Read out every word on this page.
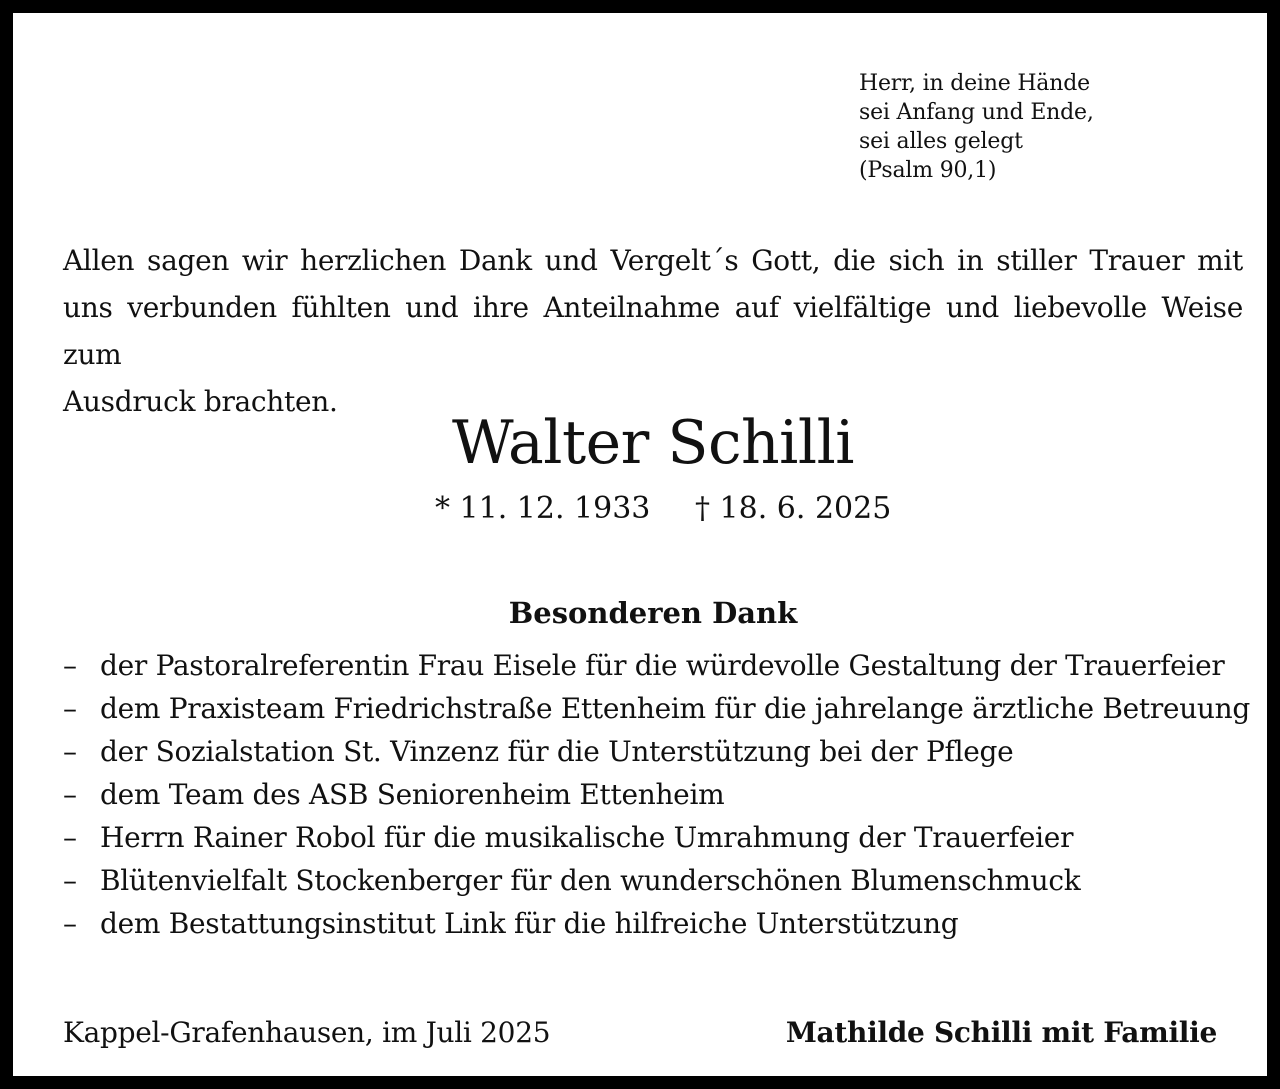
Herr, in deine Hände
sei Anfang und Ende,
sei alles gelegt
(Psalm 90,1)
Allen sagen wir herzlichen Dank und Vergelt´s Gott, die sich in stiller Trauer mit
uns verbunden fühlten und ihre Anteilnahme auf vielfältige und liebevolle Weise zum
Ausdruck brachten.
Walter Schilli
* 11. 12. 1933 † 18. 6. 2025
Besonderen Dank
– der Pastoralreferentin Frau Eisele für die würdevolle Gestaltung der Trauerfeier
– dem Praxisteam Friedrichstraße Ettenheim für die jahrelange ärztliche Betreuung
– der Sozialstation St. Vinzenz für die Unterstützung bei der Pflege
– dem Team des ASB Seniorenheim Ettenheim
– Herrn Rainer Robol für die musikalische Umrahmung der Trauerfeier
– Blütenvielfalt Stockenberger für den wunderschönen Blumenschmuck
– dem Bestattungsinstitut Link für die hilfreiche Unterstützung
Kappel-Grafenhausen, im Juli 2025	Mathilde Schilli mit Familie
